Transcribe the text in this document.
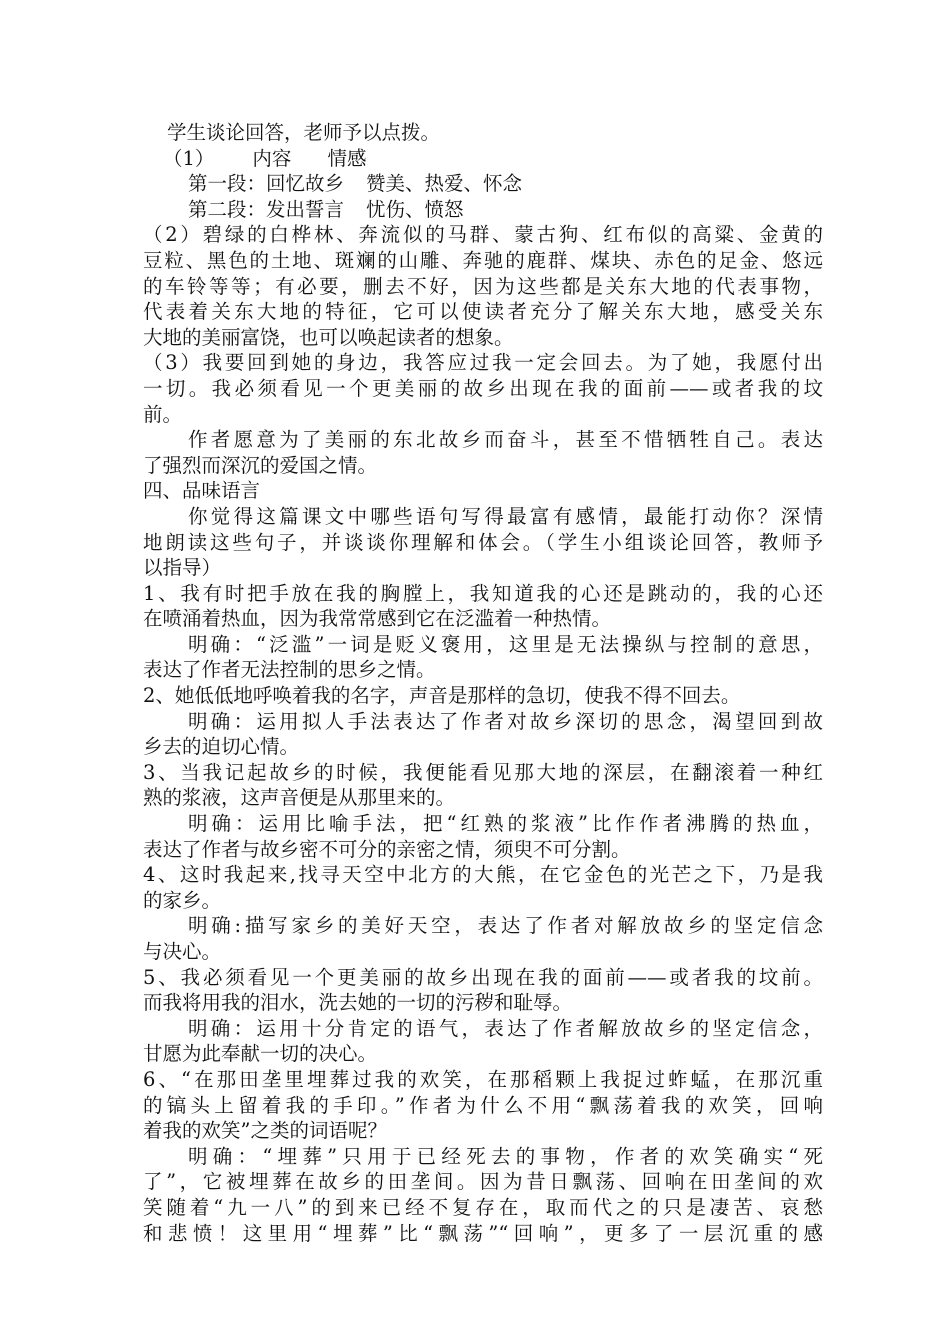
学生谈论回答，老师予以点拨。
（1） 内容 情感
第一段：回忆故乡 赞美、热爱、怀念
第二段：发出誓言 忧伤、愤怒
（2）碧绿的白桦林、奔流似的马群、蒙古狗、红布似的高粱、金黄的
豆粒、黑色的土地、斑斓的山雕、奔驰的鹿群、煤块、赤色的足金、悠远
的车铃等等；有必要，删去不好，因为这些都是关东大地的代表事物，
代表着关东大地的特征，它可以使读者充分了解关东大地，感受关东
大地的美丽富饶，也可以唤起读者的想象。
（3）我要回到她的身边，我答应过我一定会回去。为了她，我愿付出
一切。我必须看见一个更美丽的故乡出现在我的面前——或者我的坟
前。
作者愿意为了美丽的东北故乡而奋斗，甚至不惜牺牲自己。表达
了强烈而深沉的爱国之情。
四、品味语言
你觉得这篇课文中哪些语句写得最富有感情，最能打动你？深情
地朗读这些句子，并谈谈你理解和体会。（学生小组谈论回答，教师予
以指导）
1、我有时把手放在我的胸膛上，我知道我的心还是跳动的，我的心还
在喷涌着热血，因为我常常感到它在泛滥着一种热情。
明确：“泛滥”一词是贬义褒用，这里是无法操纵与控制的意思，
表达了作者无法控制的思乡之情。
2、她低低地呼唤着我的名字，声音是那样的急切，使我不得不回去。
明确：运用拟人手法表达了作者对故乡深切的思念，渴望回到故
乡去的迫切心情。
3、当我记起故乡的时候，我便能看见那大地的深层，在翻滚着一种红
熟的浆液，这声音便是从那里来的。
明确：运用比喻手法，把“红熟的浆液”比作作者沸腾的热血，
表达了作者与故乡密不可分的亲密之情，须臾不可分割。
4、这时我起来,找寻天空中北方的大熊，在它金色的光芒之下，乃是我
的家乡。
明确:描写家乡的美好天空，表达了作者对解放故乡的坚定信念
与决心。
5、我必须看见一个更美丽的故乡出现在我的面前——或者我的坟前。
而我将用我的泪水，洗去她的一切的污秽和耻辱。
明确：运用十分肯定的语气，表达了作者解放故乡的坚定信念，
甘愿为此奉献一切的决心。
6、“在那田垄里埋葬过我的欢笑，在那稻颗上我捉过蚱蜢，在那沉重
的镐头上留着我的手印。”作者为什么不用“飘荡着我的欢笑，回响
着我的欢笑”之类的词语呢？
明确：“埋葬”只用于已经死去的事物，作者的欢笑确实“死
了”，它被埋葬在故乡的田垄间。因为昔日飘荡、回响在田垄间的欢
笑随着“九一八”的到来已经不复存在，取而代之的只是凄苦、哀愁
和悲愤！这里用“埋葬”比“飘荡”“回响”，更多了一层沉重的感
